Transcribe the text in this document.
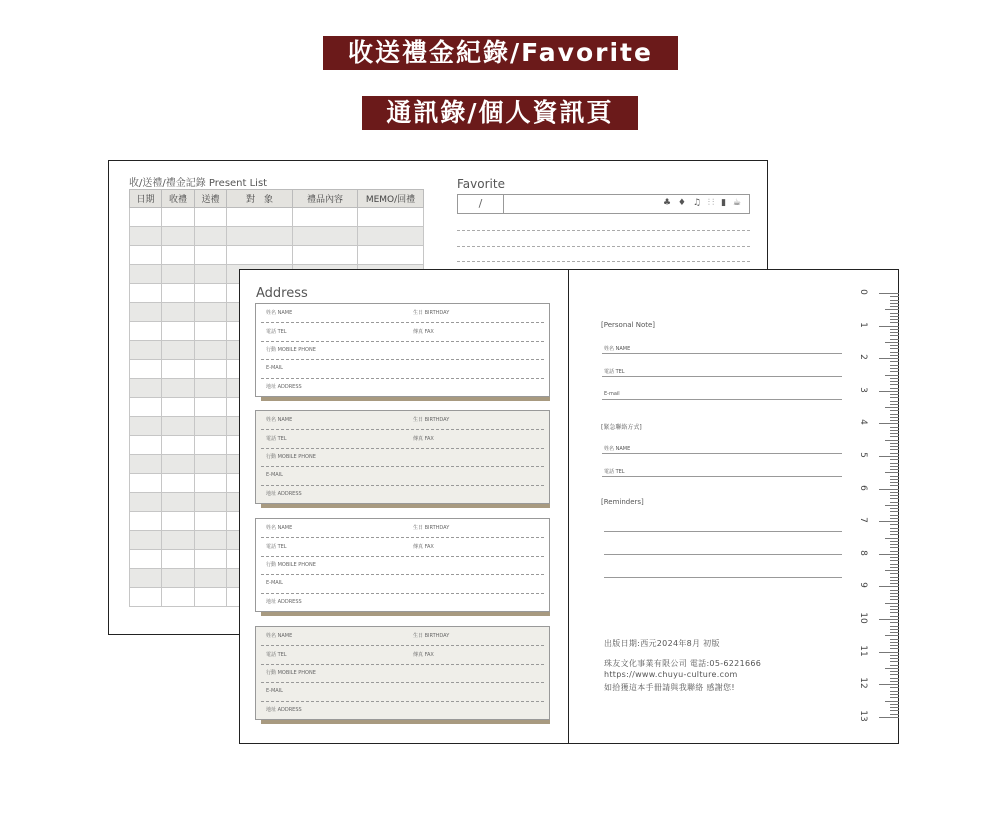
收送禮金紀錄/Favorite
通訊錄/個人資訊頁
收/送禮/禮金記錄 Present List
日期	收禮	送禮	對　象	禮品內容	MEMO/回禮

Favorite
/	♣ ♦ ♫ ⫶⫶ ▮ ☕
Address
姓名 NAME	生日 BIRTHDAY
電話 TEL	傳真 FAX
行動 MOBILE PHONE
E-MAIL
地址 ADDRESS
姓名 NAME	生日 BIRTHDAY
電話 TEL	傳真 FAX
行動 MOBILE PHONE
E-MAIL
地址 ADDRESS
姓名 NAME	生日 BIRTHDAY
電話 TEL	傳真 FAX
行動 MOBILE PHONE
E-MAIL
地址 ADDRESS
姓名 NAME	生日 BIRTHDAY
電話 TEL	傳真 FAX
行動 MOBILE PHONE
E-MAIL
地址 ADDRESS
[Personal Note]
姓名 NAME
電話 TEL
E-mail
[緊急聯絡方式]
姓名 NAME
電話 TEL
[Reminders]
出版日期:西元2024年8月 初版
珠友文化事業有限公司 電話:05-6221666
https://www.chuyu-culture.com
如拾獲這本手冊請與我聯絡 感謝您!
0
1
2
3
4
5
6
7
8
9
10
11
12
13
